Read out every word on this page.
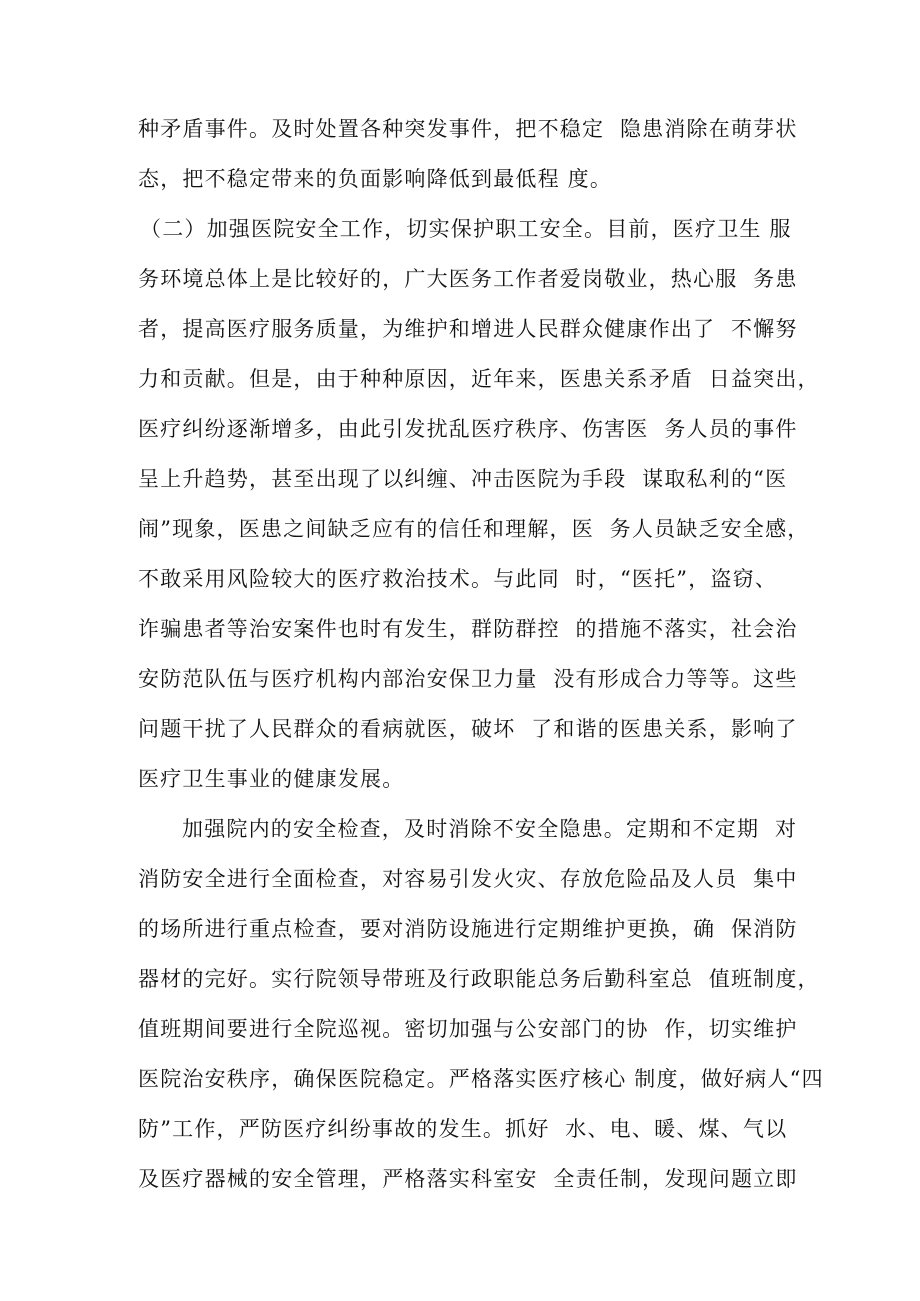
种矛盾事件。及时处置各种突发事件，把不稳定  隐患消除在萌芽状
态，把不稳定带来的负面影响降低到最低程 度。
（二）加强医院安全工作，切实保护职工安全。目前，医疗卫生 服
务环境总体上是比较好的，广大医务工作者爱岗敬业，热心服  务患
者，提高医疗服务质量，为维护和增进人民群众健康作出了  不懈努
力和贡献。但是，由于种种原因，近年来，医患关系矛盾  日益突出，
医疗纠纷逐渐增多，由此引发扰乱医疗秩序、伤害医  务人员的事件
呈上升趋势，甚至出现了以纠缠、冲击医院为手段  谋取私利的“医
闹”现象，医患之间缺乏应有的信任和理解，医  务人员缺乏安全感，
不敢采用风险较大的医疗救治技术。与此同  时，“医托”，盗窃、
诈骗患者等治安案件也时有发生，群防群控  的措施不落实，社会治
安防范队伍与医疗机构内部治安保卫力量  没有形成合力等等。这些
问题干扰了人民群众的看病就医，破坏  了和谐的医患关系，影响了
医疗卫生事业的健康发展。
加强院内的安全检查，及时消除不安全隐患。定期和不定期  对
消防安全进行全面检查，对容易引发火灾、存放危险品及人员  集中
的场所进行重点检查，要对消防设施进行定期维护更换，确  保消防
器材的完好。实行院领导带班及行政职能总务后勤科室总  值班制度，
值班期间要进行全院巡视。密切加强与公安部门的协  作，切实维护
医院治安秩序，确保医院稳定。严格落实医疗核心 制度，做好病人“四
防”工作，严防医疗纠纷事故的发生。抓好  水、电、暖、煤、气以
及医疗器械的安全管理，严格落实科室安  全责任制，发现问题立即
